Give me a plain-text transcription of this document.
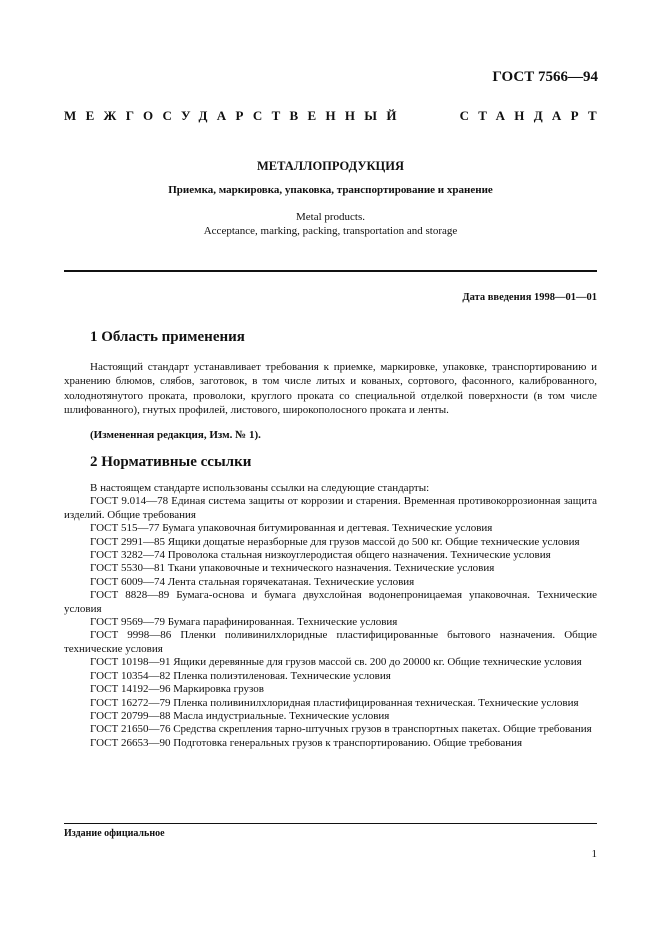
ГОСТ 7566—94
МЕЖГОСУДАРСТВЕННЫЙ	СТАНДАРТ
МЕТАЛЛОПРОДУКЦИЯ
Приемка, маркировка, упаковка, транспортирование и хранение
Metal products.
Acceptance, marking, packing, transportation and storage
Дата введения 1998—01—01
1 Область применения

Настоящий стандарт устанавливает требования к приемке, маркировке, упаковке, транспортированию и хранению блюмов, слябов, заготовок, в том числе литых и кованых, сортового, фасонного, калиброванного, холоднотянутого проката, проволоки, круглого проката со специальной отделкой поверхности (в том числе шлифованного), гнутых профилей, листового, широкополосного проката и ленты.

(Измененная редакция, Изм. № 1).
2 Нормативные ссылки

В настоящем стандарте использованы ссылки на следующие стандарты:

ГОСТ 9.014—78 Единая система защиты от коррозии и старения. Временная противокоррозионная защита изделий. Общие требования

ГОСТ 515—77 Бумага упаковочная битумированная и дегтевая. Технические условия

ГОСТ 2991—85 Ящики дощатые неразборные для грузов массой до 500 кг. Общие технические условия

ГОСТ 3282—74 Проволока стальная низкоуглеродистая общего назначения. Технические условия

ГОСТ 5530—81 Ткани упаковочные и технического назначения. Технические условия

ГОСТ 6009—74 Лента стальная горячекатаная. Технические условия

ГОСТ 8828—89 Бумага-основа и бумага двухслойная водонепроницаемая упаковочная. Технические условия

ГОСТ 9569—79 Бумага парафинированная. Технические условия

ГОСТ 9998—86 Пленки поливинилхлоридные пластифицированные бытового назначения. Общие технические условия

ГОСТ 10198—91 Ящики деревянные для грузов массой св. 200 до 20000 кг. Общие технические условия

ГОСТ 10354—82 Пленка полиэтиленовая. Технические условия

ГОСТ 14192—96 Маркировка грузов

ГОСТ 16272—79 Пленка поливинилхлоридная пластифицированная техническая. Технические условия

ГОСТ 20799—88 Масла индустриальные. Технические условия

ГОСТ 21650—76 Средства скрепления тарно-штучных грузов в транспортных пакетах. Общие требования

ГОСТ 26653—90 Подготовка генеральных грузов к транспортированию. Общие требования

Издание официальное
1
